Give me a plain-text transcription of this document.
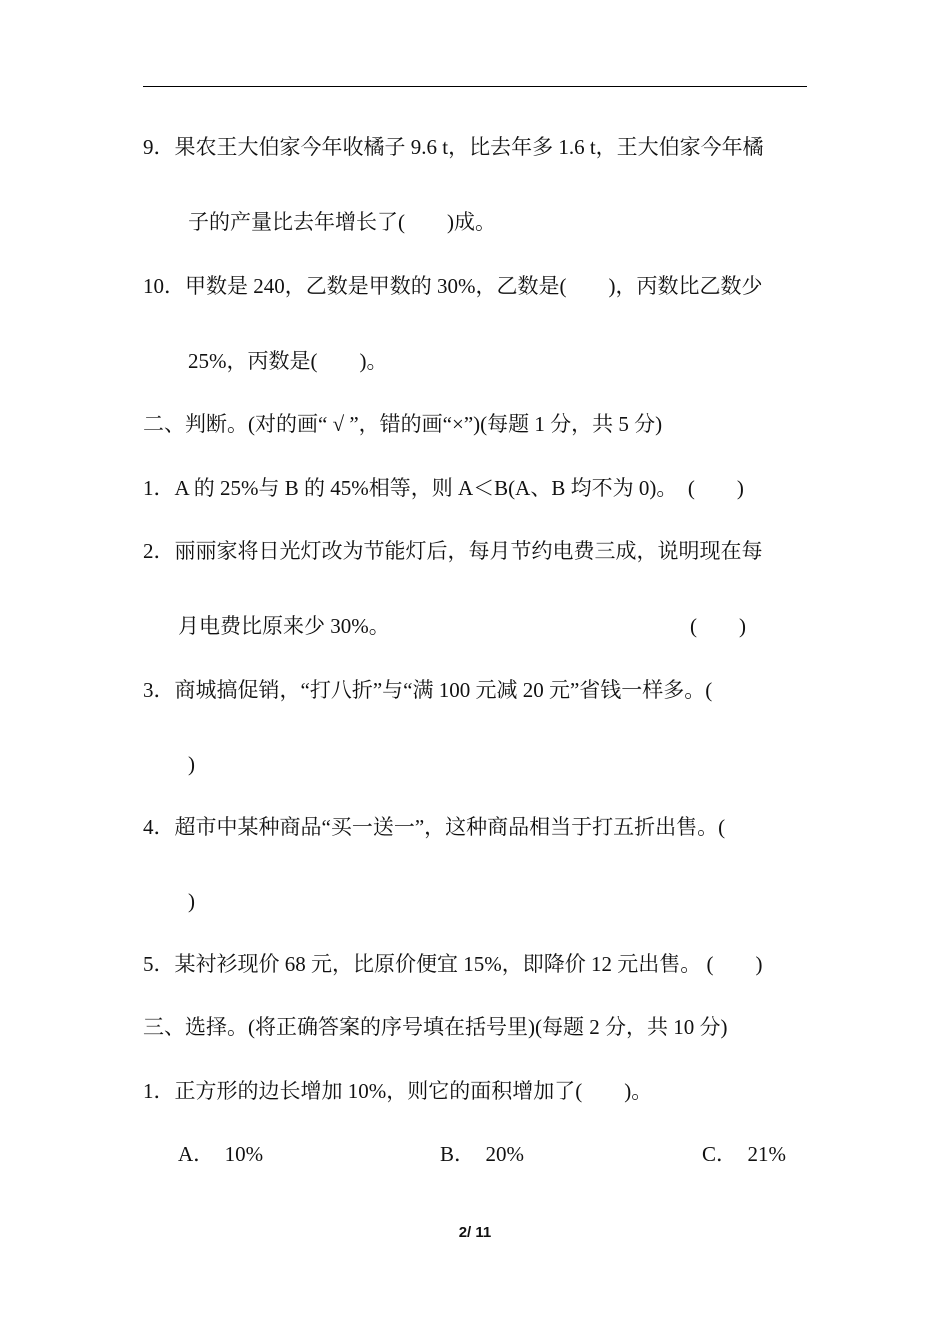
9．果农王大伯家今年收橘子 9.6 t，比去年多 1.6 t，王大伯家今年橘
子的产量比去年增长了(　　)成。
10．甲数是 240，乙数是甲数的 30%，乙数是(　　)，丙数比乙数少
25%，丙数是(　　)。
二、判断。(对的画“ √ ”，错的画“×”)(每题 1 分，共 5 分)
1．A 的 25%与 B 的 45%相等，则 A＜B(A、B 均不为 0)。　(　　)
2．丽丽家将日光灯改为节能灯后，每月节约电费三成，说明现在每
月电费比原来少 30%。	(　　)
3．商城搞促销，“打八折”与“满 100 元减 20 元”省钱一样多。(
)
4．超市中某种商品“买一送一”，这种商品相当于打五折出售。(
)
5．某衬衫现价 68 元，比原价便宜 15%，即降价 12 元出售。 (　　)
三、选择。(将正确答案的序号填在括号里)(每题 2 分，共 10 分)
1．正方形的边长增加 10%，则它的面积增加了(　　)。
A．  10%	B．  20%	C．  21%
2/ 11
